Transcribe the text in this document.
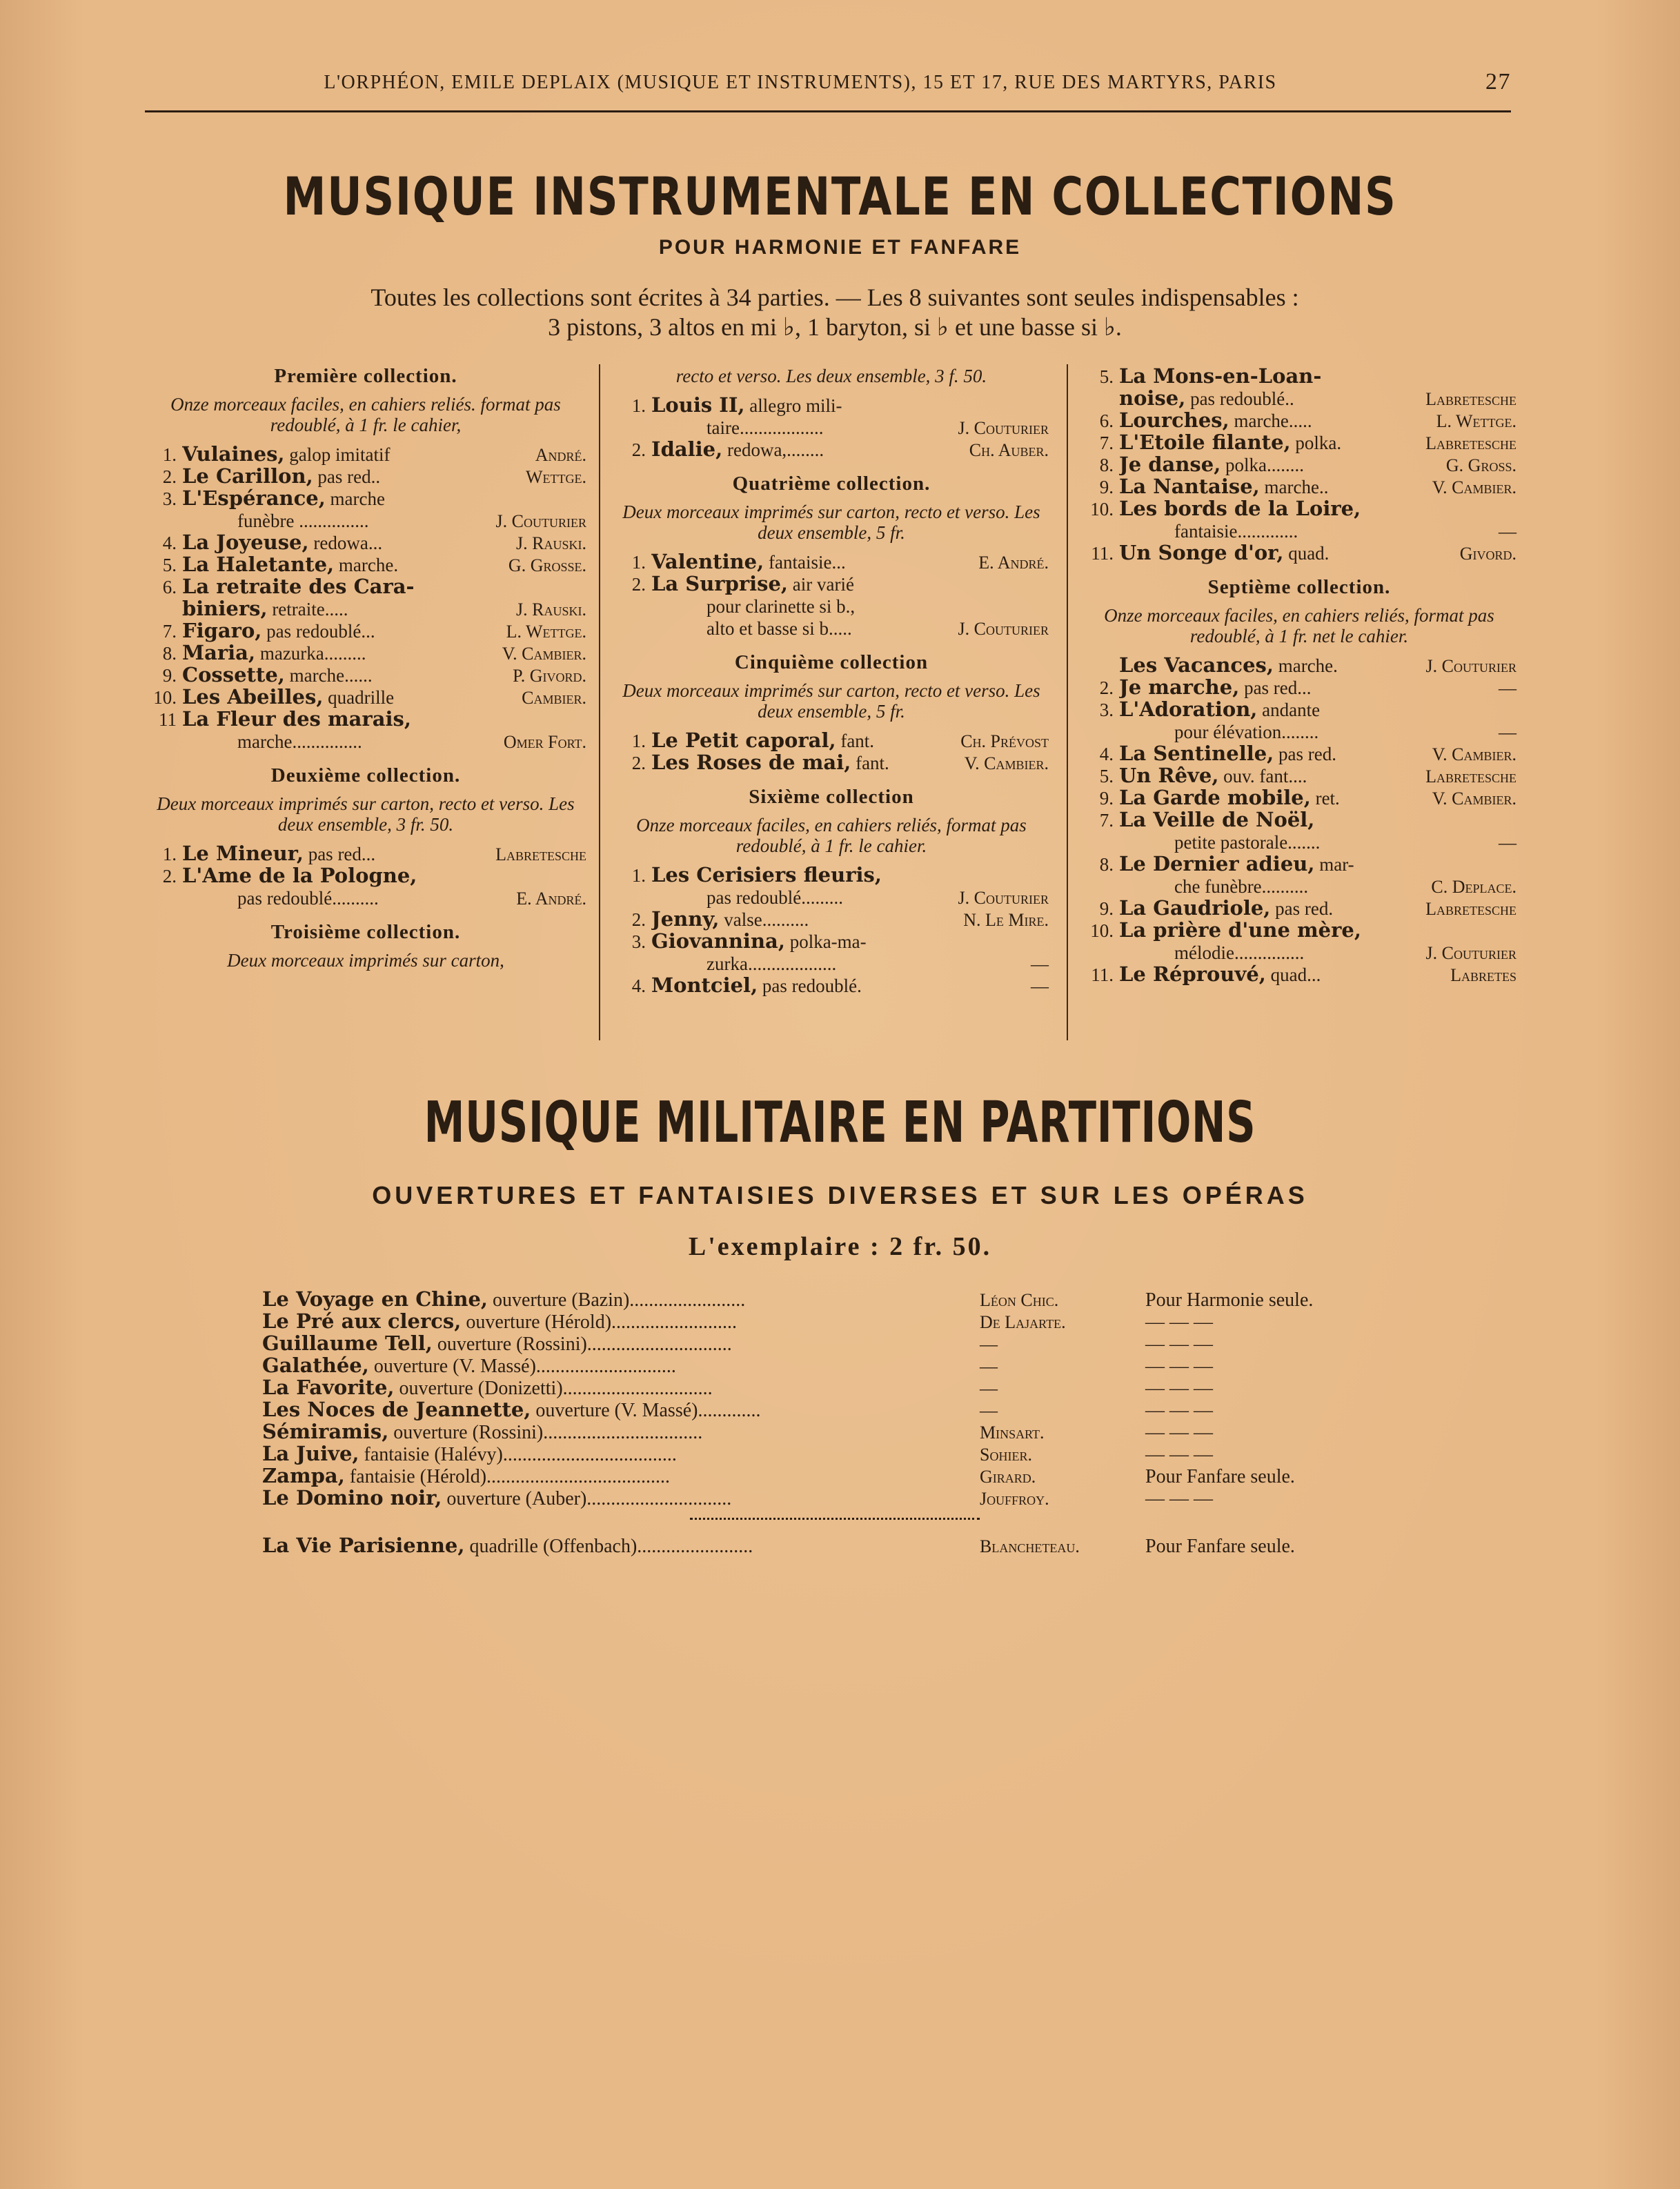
L'ORPHÉON, EMILE DEPLAIX (MUSIQUE ET INSTRUMENTS), 15 ET 17, RUE DES MARTYRS, PARIS	27
MUSIQUE INSTRUMENTALE EN COLLECTIONS
POUR HARMONIE ET FANFARE
Toutes les collections sont écrites à 34 parties. — Les 8 suivantes sont seules indispensables :
3 pistons, 3 altos en mi ♭, 1 baryton, si ♭ et une basse si ♭.
Première collection.
Onze morceaux faciles, en cahiers reliés. format pas redoublé, à 1 fr. le cahier,
1. Vulaines, galop imitatif	André.
2. Le Carillon, pas red..	Wettge.
3. L'Espérance, marche
funèbre ...............	J. Couturier
4. La Joyeuse, redowa...	J. Rauski.
5. La Haletante, marche.	G. Grosse.
6. La retraite des Cara-
biniers, retraite.....	J. Rauski.
7. Figaro, pas redoublé...	L. Wettge.
8. Maria, mazurka.........	V. Cambier.
9. Cossette, marche......	P. Givord.
10. Les Abeilles, quadrille	Cambier.
11 La Fleur des marais,
marche...............	Omer Fort.
Deuxième collection.
Deux morceaux imprimés sur carton, recto et verso. Les deux ensemble, 3 fr. 50.
1. Le Mineur, pas red...	Labretesche
2. L'Ame de la Pologne,
pas redoublé..........	E. André.
Troisième collection.
Deux morceaux imprimés sur carton,
recto et verso. Les deux ensemble, 3 f. 50.
1. Louis II, allegro mili-
taire..................	J. Couturier
2. Idalie, redowa,........	Ch. Auber.
Quatrième collection.
Deux morceaux imprimés sur carton, recto et verso. Les deux ensemble, 5 fr.
1. Valentine, fantaisie...	E. André.
2. La Surprise, air varié
pour clarinette si b.,
alto et basse si b.....	J. Couturier
Cinquième collection
Deux morceaux imprimés sur carton, recto et verso. Les deux ensemble, 5 fr.
1. Le Petit caporal, fant.	Ch. Prévost
2. Les Roses de mai, fant.	V. Cambier.
Sixième collection
Onze morceaux faciles, en cahiers reliés, format pas redoublé, à 1 fr. le cahier.
1. Les Cerisiers fleuris,
pas redoublé.........	J. Couturier
2. Jenny, valse..........	N. Le Mire.
3. Giovannina, polka-ma-
zurka...................	—
4. Montciel, pas redoublé.	—
5. La Mons-en-Loan-
noise, pas redoublé..	Labretesche
6. Lourches, marche.....	L. Wettge.
7. L'Etoile filante, polka.	Labretesche
8. Je danse, polka........	G. Gross.
9. La Nantaise, marche..	V. Cambier.
10. Les bords de la Loire,
fantaisie.............	—
11. Un Songe d'or, quad.	Givord.
Septième collection.
Onze morceaux faciles, en cahiers reliés, format pas redoublé, à 1 fr. net le cahier.
Les Vacances, marche.	J. Couturier
2. Je marche, pas red...	—
3. L'Adoration, andante
pour élévation........	—
4. La Sentinelle, pas red.	V. Cambier.
5. Un Rêve, ouv. fant....	Labretesche
9. La Garde mobile, ret.	V. Cambier.
7. La Veille de Noël,
petite pastorale.......	—
8. Le Dernier adieu, mar-
che funèbre..........	C. Deplace.
9. La Gaudriole, pas red.	Labretesche
10. La prière d'une mère,
mélodie...............	J. Couturier
11. Le Réprouvé, quad...	Labretes
MUSIQUE MILITAIRE EN PARTITIONS
OUVERTURES ET FANTAISIES DIVERSES ET SUR LES OPÉRAS
L'exemplaire : 2 fr. 50.
Le Voyage en Chine, ouverture (Bazin)........................	Léon Chic.	Pour Harmonie seule.
Le Pré aux clercs, ouverture (Hérold)..........................	De Lajarte.	— — —
Guillaume Tell, ouverture (Rossini)..............................	—	— — —
Galathée, ouverture (V. Massé).............................	—	— — —
La Favorite, ouverture (Donizetti)...............................	—	— — —
Les Noces de Jeannette, ouverture (V. Massé).............	—	— — —
Sémiramis, ouverture (Rossini).................................	Minsart.	— — —
La Juive, fantaisie (Halévy)....................................	Sohier.	— — —
Zampa, fantaisie (Hérold)......................................	Girard.	Pour Fanfare seule.
Le Domino noir, ouverture (Auber)..............................	Jouffroy.	— — —
La Vie Parisienne, quadrille (Offenbach)........................	Blancheteau.	Pour Fanfare seule.
